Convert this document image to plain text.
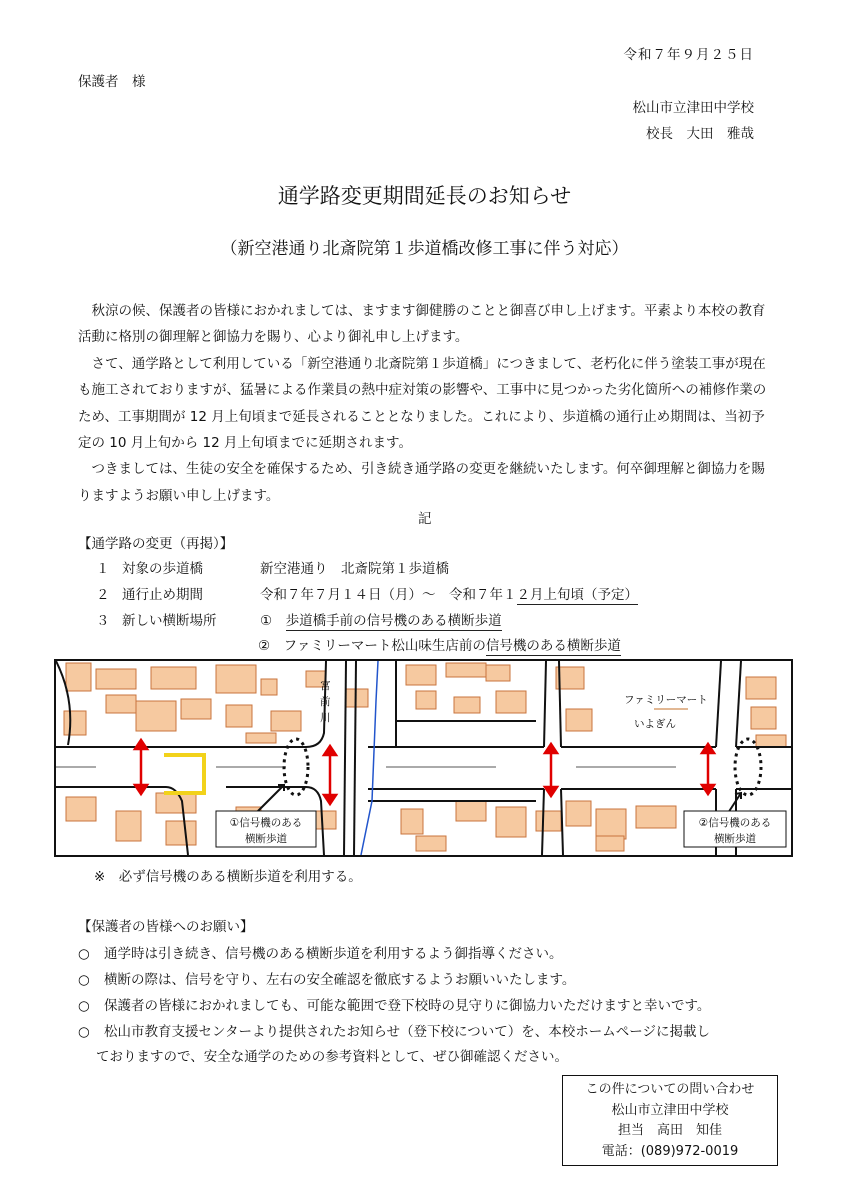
令和７年９月２５日
保護者　様
松山市立津田中学校
校長　大田　雅哉
通学路変更期間延長のお知らせ
（新空港通り北斎院第１歩道橋改修工事に伴う対応）

秋涼の候、保護者の皆様におかれましては、ますます御健勝のことと御喜び申し上げます。平素より本校の教育活動に格別の御理解と御協力を賜り、心より御礼申し上げます。

さて、通学路として利用している「新空港通り北斎院第１歩道橋」につきまして、老朽化に伴う塗装工事が現在も施工されておりますが、猛暑による作業員の熱中症対策の影響や、工事中に見つかった劣化箇所への補修作業のため、工事期間が 12 月上旬頃まで延長されることとなりました。これにより、歩道橋の通行止め期間は、当初予定の 10 月上旬から 12 月上旬頃までに延期されます。

つきましては、生徒の安全を確保するため、引き続き通学路の変更を継続いたします。何卒御理解と御協力を賜りますようお願い申し上げます。

記
【通学路の変更（再掲）】
１ 対象の歩道橋	新空港通り　北斎院第１歩道橋
２ 通行止め期間	令和７年７月１４日（月）～　令和７年１２月上旬頃（予定）
３ 新しい横断場所	①　歩道橋手前の信号機のある横断歩道
②　ファミリーマート松山味生店前の信号機のある横断歩道
宮
前
川
ファミリーマート
いよぎん
①信号機のある
横断歩道
②信号機のある
横断歩道
※　必ず信号機のある横断歩道を利用する。
【保護者の皆様へのお願い】
○ 通学時は引き続き、信号機のある横断歩道を利用するよう御指導ください。
○ 横断の際は、信号を守り、左右の安全確認を徹底するようお願いいたします。
○ 保護者の皆様におかれましても、可能な範囲で登下校時の見守りに御協力いただけますと幸いです。
○ 松山市教育支援センターより提供されたお知らせ（登下校について）を、本校ホームページに掲載し
ておりますので、安全な通学のための参考資料として、ぜひ御確認ください。
この件についての問い合わせ
松山市立津田中学校
担当　高田　知佳
電話：(089)972-0019
